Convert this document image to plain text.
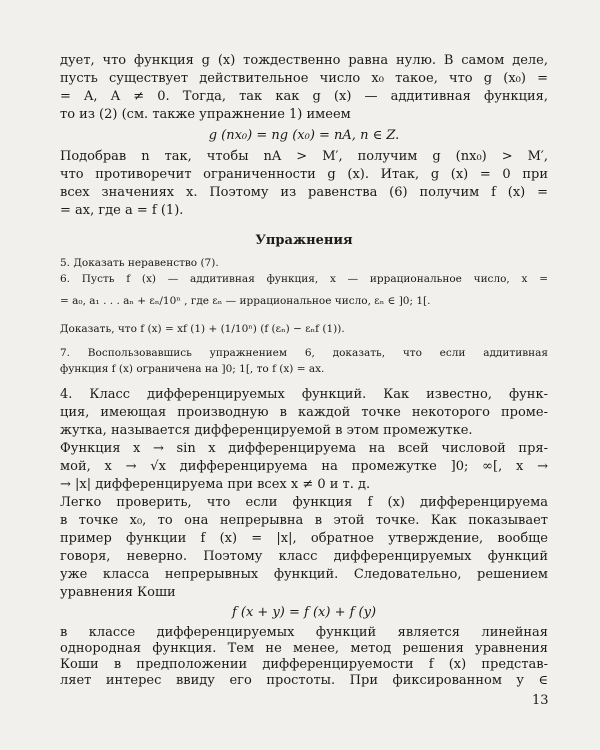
дует, что функция g (x) тождественно равна нулю. В самом деле,
пусть существует действительное число x₀ такое, что g (x₀) =
= A, A ≠ 0. Тогда, так как g (x) — аддитивная функция,
то из (2) (см. также упражнение 1) имеем
g (nx₀) = ng (x₀) = nA, n ∈ Z.
Подобрав n так, чтобы nA > M′, получим g (nx₀) > M′,
что противоречит ограниченности g (x). Итак, g (x) = 0 при
всех значениях x. Поэтому из равенства (6) получим f (x) =
= ax, где a = f (1).
Упражнения
5. Доказать неравенство (7).
6. Пусть f (x) — аддитивная функция, x — иррациональное число, x =
= a₀, a₁ . . . aₙ + εₙ/10ⁿ , где εₙ — иррациональное число, εₙ ∈ ]0; 1[.
Доказать, что f (x) = xf (1) + (1/10ⁿ) (f (εₙ) − εₙf (1)).
7. Воспользовавшись упражнением 6, доказать, что если аддитивная
функция f (x) ограничена на ]0; 1[, то f (x) = ax.
4. Класс дифференцируемых функций. Как известно, функ-
ция, имеющая производную в каждой точке некоторого проме-
жутка, называется дифференцируемой в этом промежутке.
Функция x → sin x дифференцируема на всей числовой пря-
мой, x → √x дифференцируема на промежутке ]0; ∞[, x →
→ |x| дифференцируема при всех x ≠ 0 и т. д.
Легко проверить, что если функция f (x) дифференцируема
в точке x₀, то она непрерывна в этой точке. Как показывает
пример функции f (x) = |x|, обратное утверждение, вообще
говоря, неверно. Поэтому класс дифференцируемых функций
уже класса непрерывных функций. Следовательно, решением
уравнения Коши
f (x + y) = f (x) + f (y)
в классе дифференцируемых функций является линейная
однородная функция. Тем не менее, метод решения уравнения
Коши в предположении дифференцируемости f (x) представ-
ляет интерес ввиду его простоты. При фиксированном y ∈
13
